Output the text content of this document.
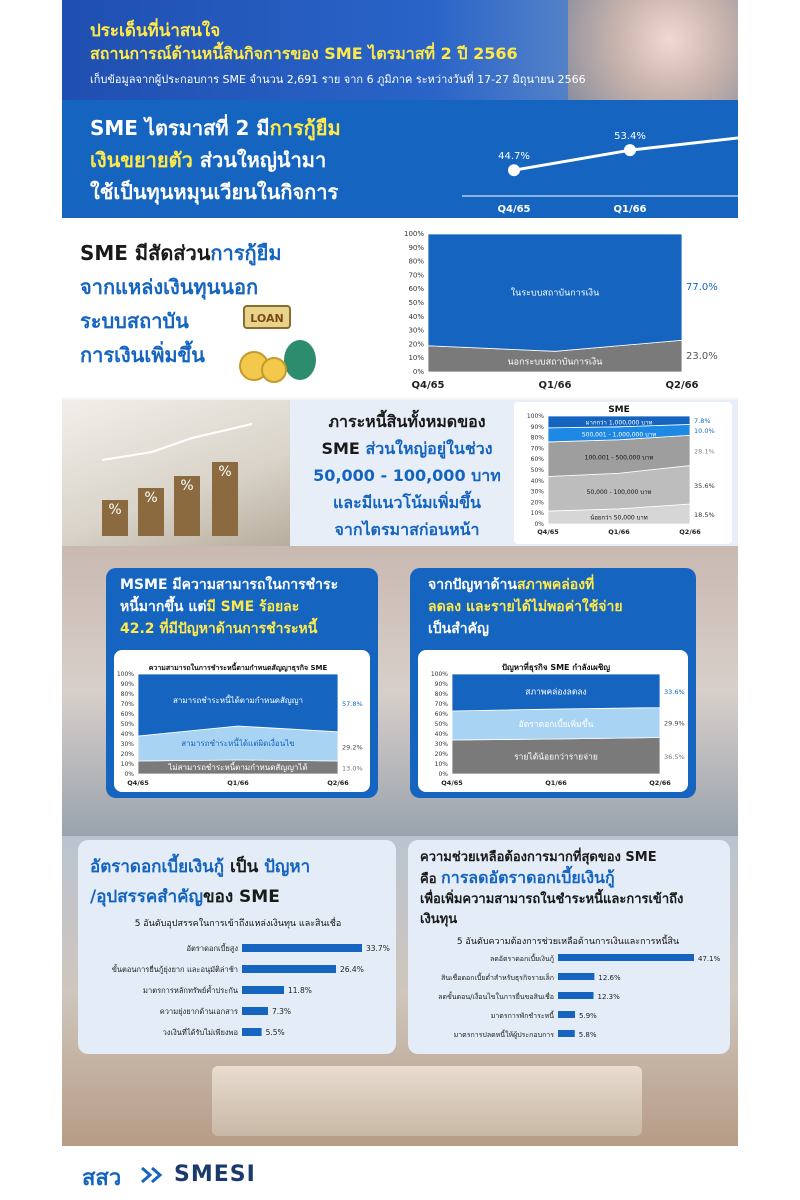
ประเด็นที่น่าสนใจ
สถานการณ์ด้านหนี้สินกิจการของ SME ไตรมาสที่ 2 ปี 2566
เก็บข้อมูลจากผู้ประกอบการ SME จำนวน 2,691 ราย จาก 6 ภูมิภาค ระหว่างวันที่ 17-27 มิถุนายน 2566
SME ไตรมาสที่ 2 มีการกู้ยืม
เงินขยายตัว ส่วนใหญ่นำมา
ใช้เป็นทุนหมุนเวียนในกิจการ
44.7%
Q4/65
53.4%
Q1/66
59.7%
Q2/66
SME มีสัดส่วนการกู้ยืม
จากแหล่งเงินทุนนอก
ระบบสถาบัน
การเงินเพิ่มขึ้น
LOAN
นอกระบบสถาบันการเงิน
23.0%
ในระบบสถาบันการเงิน
77.0%
100%
90%
80%
70%
60%
50%
40%
30%
20%
10%
0%
Q4/65	Q1/66	Q2/66
%
%
%
%
ภาระหนี้สินทั้งหมดของ
SME ส่วนใหญ่อยู่ในช่วง
50,000 - 100,000 บาท
และมีแนวโน้มเพิ่มขึ้น
จากไตรมาสก่อนหน้า
น้อยกว่า 50,000 บาท	18.5%
50,000 - 100,000 บาท
35.6%
100,001 - 500,000 บาท
28.1%
500,001 - 1,000,000 บาท	10.0%
มากกว่า 1,000,000 บาท	7.8%
100%
90%
80%
70%
60%
50%
40%
30%
20%
10%
0%
Q4/65	Q1/66	Q2/66
SME
MSME มีความสามารถในการชำระ
หนี้มากขึ้น แต่มี SME ร้อยละ
42.2 ที่มีปัญหาด้านการชำระหนี้
ไม่สามารถชำระหนี้ตามกำหนดสัญญาได้	13.0%
สามารถชำระหนี้ได้แต่ผิดเงื่อนไข	29.2%
สามารถชำระหนี้ได้ตามกำหนดสัญญา	57.8%
100%
90%
80%
70%
60%
50%
40%
30%
20%
10%
0%
Q4/65	Q1/66	Q2/66
ความสามารถในการชำระหนี้ตามกำหนดสัญญาธุรกิจ SME
จากปัญหาด้านสภาพคล่องที่
ลดลง และรายได้ไม่พอค่าใช้จ่าย
เป็นสำคัญ
รายได้น้อยกว่ารายจ่าย	36.5%
อัตราดอกเบี้ยเพิ่มขึ้น	29.9%
สภาพคล่องลดลง	33.6%
100%
90%
80%
70%
60%
50%
40%
30%
20%
10%
0%
Q4/65	Q1/66	Q2/66
ปัญหาที่ธุรกิจ SME กำลังเผชิญ
อัตราดอกเบี้ยเงินกู้ เป็น ปัญหา
/อุปสรรคสำคัญของ SME
5 อันดับอุปสรรคในการเข้าถึงแหล่งเงินทุน และสินเชื่อ
อัตราดอกเบี้ยสูง	33.7%
ขั้นตอนการยื่นกู้ยุ่งยาก และอนุมัติล่าช้า	26.4%
มาตรการหลักทรัพย์ค้ำประกัน	11.8%
ความยุ่งยากด้านเอกสาร	7.3%
วงเงินที่ได้รับไม่เพียงพอ	5.5%
ความช่วยเหลือต้องการมากที่สุดของ SME
คือ การลดอัตราดอกเบี้ยเงินกู้
เพื่อเพิ่มความสามารถในชำระหนี้และการเข้าถึง
เงินทุน
5 อันดับความต้องการช่วยเหลือด้านการเงินและการหนี้สิน
ลดอัตราดอกเบี้ยเงินกู้	47.1%
สินเชื่อดอกเบี้ยต่ำสำหรับธุรกิจรายเล็ก	12.6%
ลดขั้นตอน/เงื่อนไขในการยื่นขอสินเชื่อ	12.3%
มาตรการพักชำระหนี้	5.9%
มาตรการปลดหนี้ให้ผู้ประกอบการ	5.8%
สสว SMESI
